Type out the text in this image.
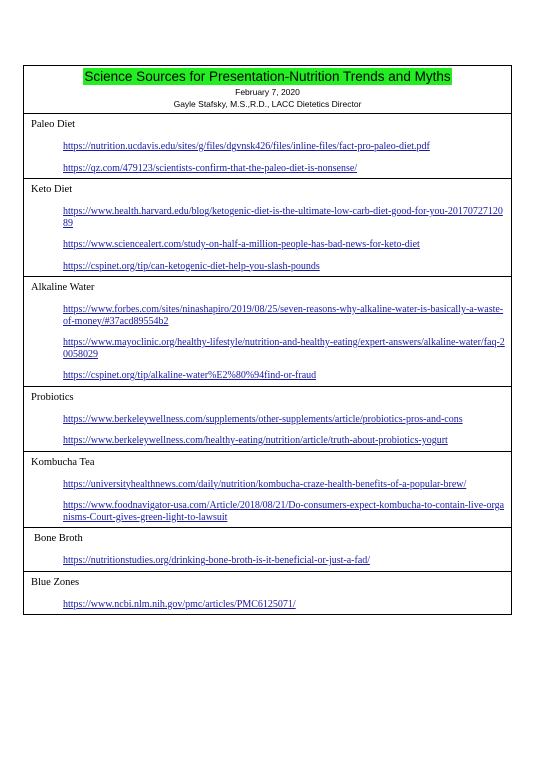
Science Sources for Presentation-Nutrition Trends and Myths
February 7, 2020
Gayle Stafsky, M.S.,R.D., LACC Dietetics Director
Paleo Diet
https://nutrition.ucdavis.edu/sites/g/files/dgvnsk426/files/inline-files/fact-pro-paleo-diet.pdf
https://qz.com/479123/scientists-confirm-that-the-paleo-diet-is-nonsense/
Keto Diet
https://www.health.harvard.edu/blog/ketogenic-diet-is-the-ultimate-low-carb-diet-good-for-you-2017072712089
https://www.sciencealert.com/study-on-half-a-million-people-has-bad-news-for-keto-diet
https://cspinet.org/tip/can-ketogenic-diet-help-you-slash-pounds
Alkaline Water
https://www.forbes.com/sites/ninashapiro/2019/08/25/seven-reasons-why-alkaline-water-is-basically-a-waste-of-money/#37acd89554b2
https://www.mayoclinic.org/healthy-lifestyle/nutrition-and-healthy-eating/expert-answers/alkaline-water/faq-20058029
https://cspinet.org/tip/alkaline-water%E2%80%94find-or-fraud
Probiotics
https://www.berkeleywellness.com/supplements/other-supplements/article/probiotics-pros-and-cons
https://www.berkeleywellness.com/healthy-eating/nutrition/article/truth-about-probiotics-yogurt
Kombucha Tea
https://universityhealthnews.com/daily/nutrition/kombucha-craze-health-benefits-of-a-popular-brew/
https://www.foodnavigator-usa.com/Article/2018/08/21/Do-consumers-expect-kombucha-to-contain-live-organisms-Court-gives-green-light-to-lawsuit
Bone Broth
https://nutritionstudies.org/drinking-bone-broth-is-it-beneficial-or-just-a-fad/
Blue Zones
https://www.ncbi.nlm.nih.gov/pmc/articles/PMC6125071/
